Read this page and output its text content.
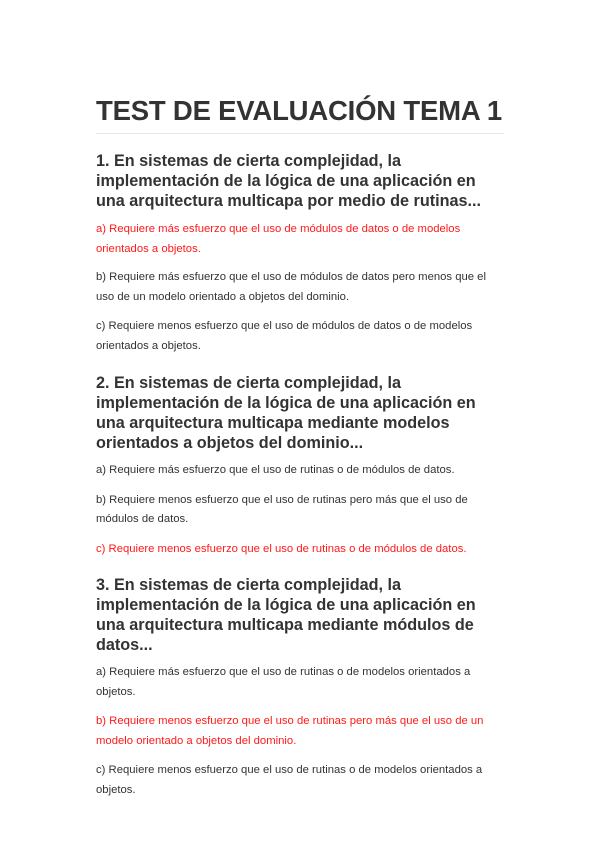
TEST DE EVALUACIÓN TEMA 1

1. En sistemas de cierta complejidad, la implementación de la lógica de una aplicación en una arquitectura multicapa por medio de rutinas...

a) Requiere más esfuerzo que el uso de módulos de datos o de modelos orientados a objetos.

b) Requiere más esfuerzo que el uso de módulos de datos pero menos que el uso de un modelo orientado a objetos del dominio.

c) Requiere menos esfuerzo que el uso de módulos de datos o de modelos orientados a objetos.

2. En sistemas de cierta complejidad, la implementación de la lógica de una aplicación en una arquitectura multicapa mediante modelos orientados a objetos del dominio...

a) Requiere más esfuerzo que el uso de rutinas o de módulos de datos.

b) Requiere menos esfuerzo que el uso de rutinas pero más que el uso de módulos de datos.

c) Requiere menos esfuerzo que el uso de rutinas o de módulos de datos.

3. En sistemas de cierta complejidad, la implementación de la lógica de una aplicación en una arquitectura multicapa mediante módulos de datos...

a) Requiere más esfuerzo que el uso de rutinas o de modelos orientados a objetos.

b) Requiere menos esfuerzo que el uso de rutinas pero más que el uso de un modelo orientado a objetos del dominio.

c) Requiere menos esfuerzo que el uso de rutinas o de modelos orientados a objetos.
